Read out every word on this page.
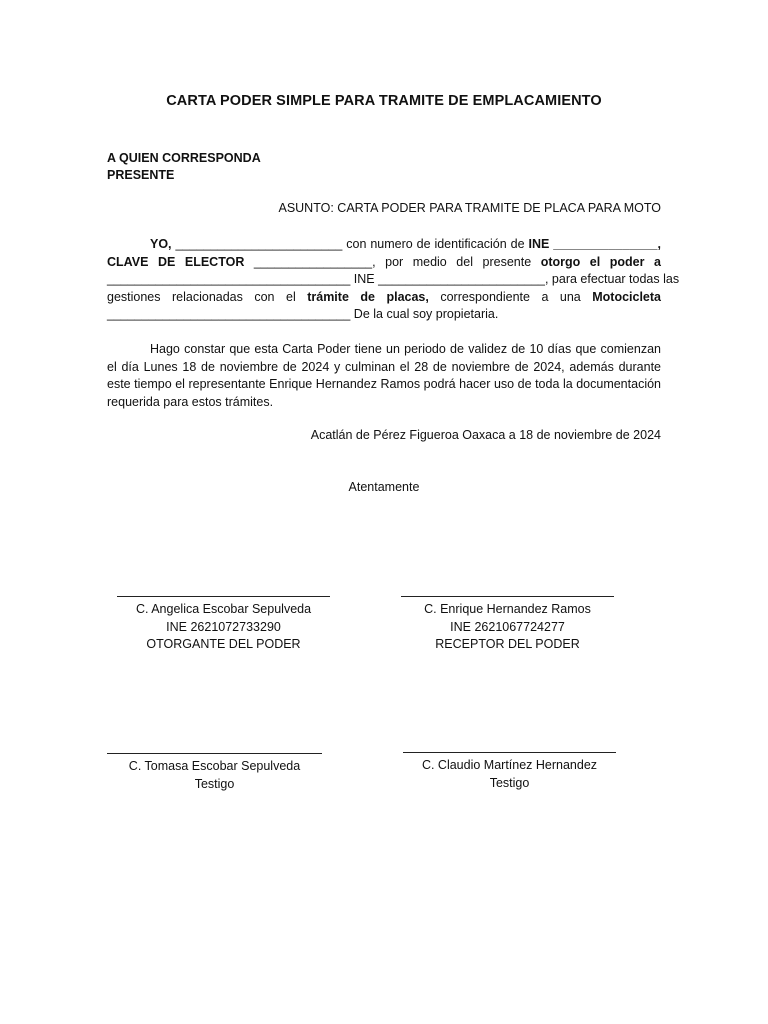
CARTA PODER SIMPLE PARA TRAMITE DE EMPLACAMIENTO
A QUIEN CORRESPONDA
PRESENTE
ASUNTO: CARTA PODER PARA TRAMITE DE PLACA PARA MOTO
YO, ________________________ con numero de identificación de INE _______________,
CLAVE DE ELECTOR _________________, por medio del presente otorgo el poder a
___________________________________ INE ________________________, para efectuar todas las
gestiones relacionadas con el trámite de placas, correspondiente a una Motocicleta
___________________________________ De la cual soy propietaria.

Hago constar que esta Carta Poder tiene un periodo de validez de 10 días que comienzan el día Lunes 18 de noviembre de 2024 y culminan el 28 de noviembre de 2024, además durante este tiempo el representante Enrique Hernandez Ramos podrá hacer uso de toda la documentación requerida para estos trámites.

Acatlán de Pérez Figueroa Oaxaca a 18 de noviembre de 2024
Atentamente
C. Angelica Escobar Sepulveda
INE 2621072733290
OTORGANTE DEL PODER
C. Enrique Hernandez Ramos
INE 2621067724277
RECEPTOR DEL PODER
C. Tomasa Escobar Sepulveda
Testigo
C. Claudio Martínez Hernandez
Testigo
